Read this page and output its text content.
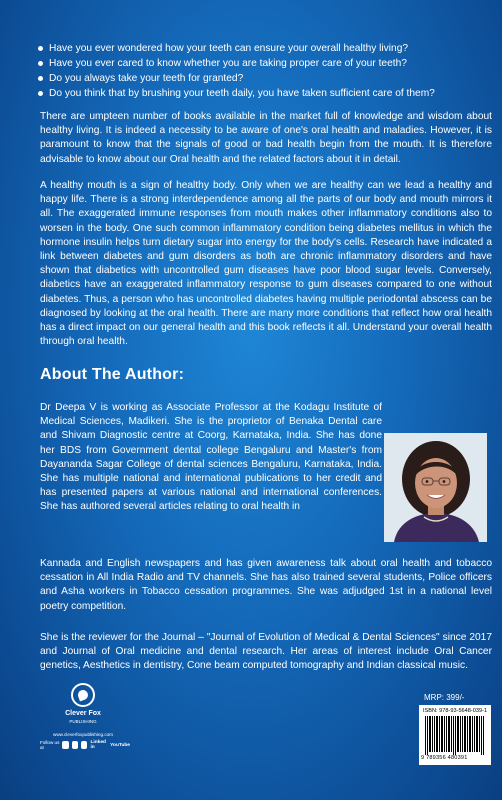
Have you ever wondered how your teeth can ensure your overall healthy living?
Have you ever cared to know whether you are taking proper care of your teeth?
Do you always take your teeth for granted?
Do you think that by brushing your teeth daily, you have taken sufficient care of them?

There are umpteen number of books available in the market full of knowledge and wisdom about healthy living. It is indeed a necessity to be aware of one's oral health and maladies. However, it is paramount to know that the signals of good or bad health begin from the mouth. It is therefore advisable to know about our Oral health and the related factors about it in detail.

A healthy mouth is a sign of healthy body. Only when we are healthy can we lead a healthy and happy life. There is a strong interdependence among all the parts of our body and mouth mirrors it all. The exaggerated immune responses from mouth makes other inflammatory conditions also to worsen in the body. One such common inflammatory condition being diabetes mellitus in which the hormone insulin helps turn dietary sugar into energy for the body's cells. Research have indicated a link between diabetes and gum disorders as both are chronic inflammatory disorders and have shown that diabetics with uncontrolled gum diseases have poor blood sugar levels. Conversely, diabetics have an exaggerated inflammatory response to gum diseases compared to one without diabetes. Thus, a person who has uncontrolled diabetes having multiple periodontal abscess can be diagnosed by looking at the oral health. There are many more conditions that reflect how oral health has a direct impact on our general health and this book reflects it all. Understand your overall health through oral health.

About The Author:

Dr Deepa V is working as Associate Professor at the Kodagu Institute of Medical Sciences, Madikeri. She is the proprietor of Benaka Dental care and Shivam Diagnostic centre at Coorg, Karnataka, India. She has done her BDS from Government dental college Bengaluru and Master's from Dayananda Sagar College of dental sciences Bengaluru, Karnataka, India. She has multiple national and international publications to her credit and has presented papers at various national and international conferences. She has authored several articles relating to oral health in

Kannada and English newspapers and has given awareness talk about oral health and tobacco cessation in All India Radio and TV channels. She has also trained several students, Police officers and Asha workers in Tobacco cessation programmes. She was adjudged 1st in a national level poetry competition.

She is the reviewer for the Journal – "Journal of Evolution of Medical & Dental Sciences" since 2017 and Journal of Oral medicine and dental research. Her areas of interest include Oral Cancer genetics, Aesthetics in dentistry, Cone beam computed tomography and Indian classical music.

Clever Fox
PUBLISHING
www.cleverfoxpublishing.com
Follow us at
Linked in	YouTube
MRP: 399/-
ISBN: 978-93-5648-039-1
9 789356 480391
